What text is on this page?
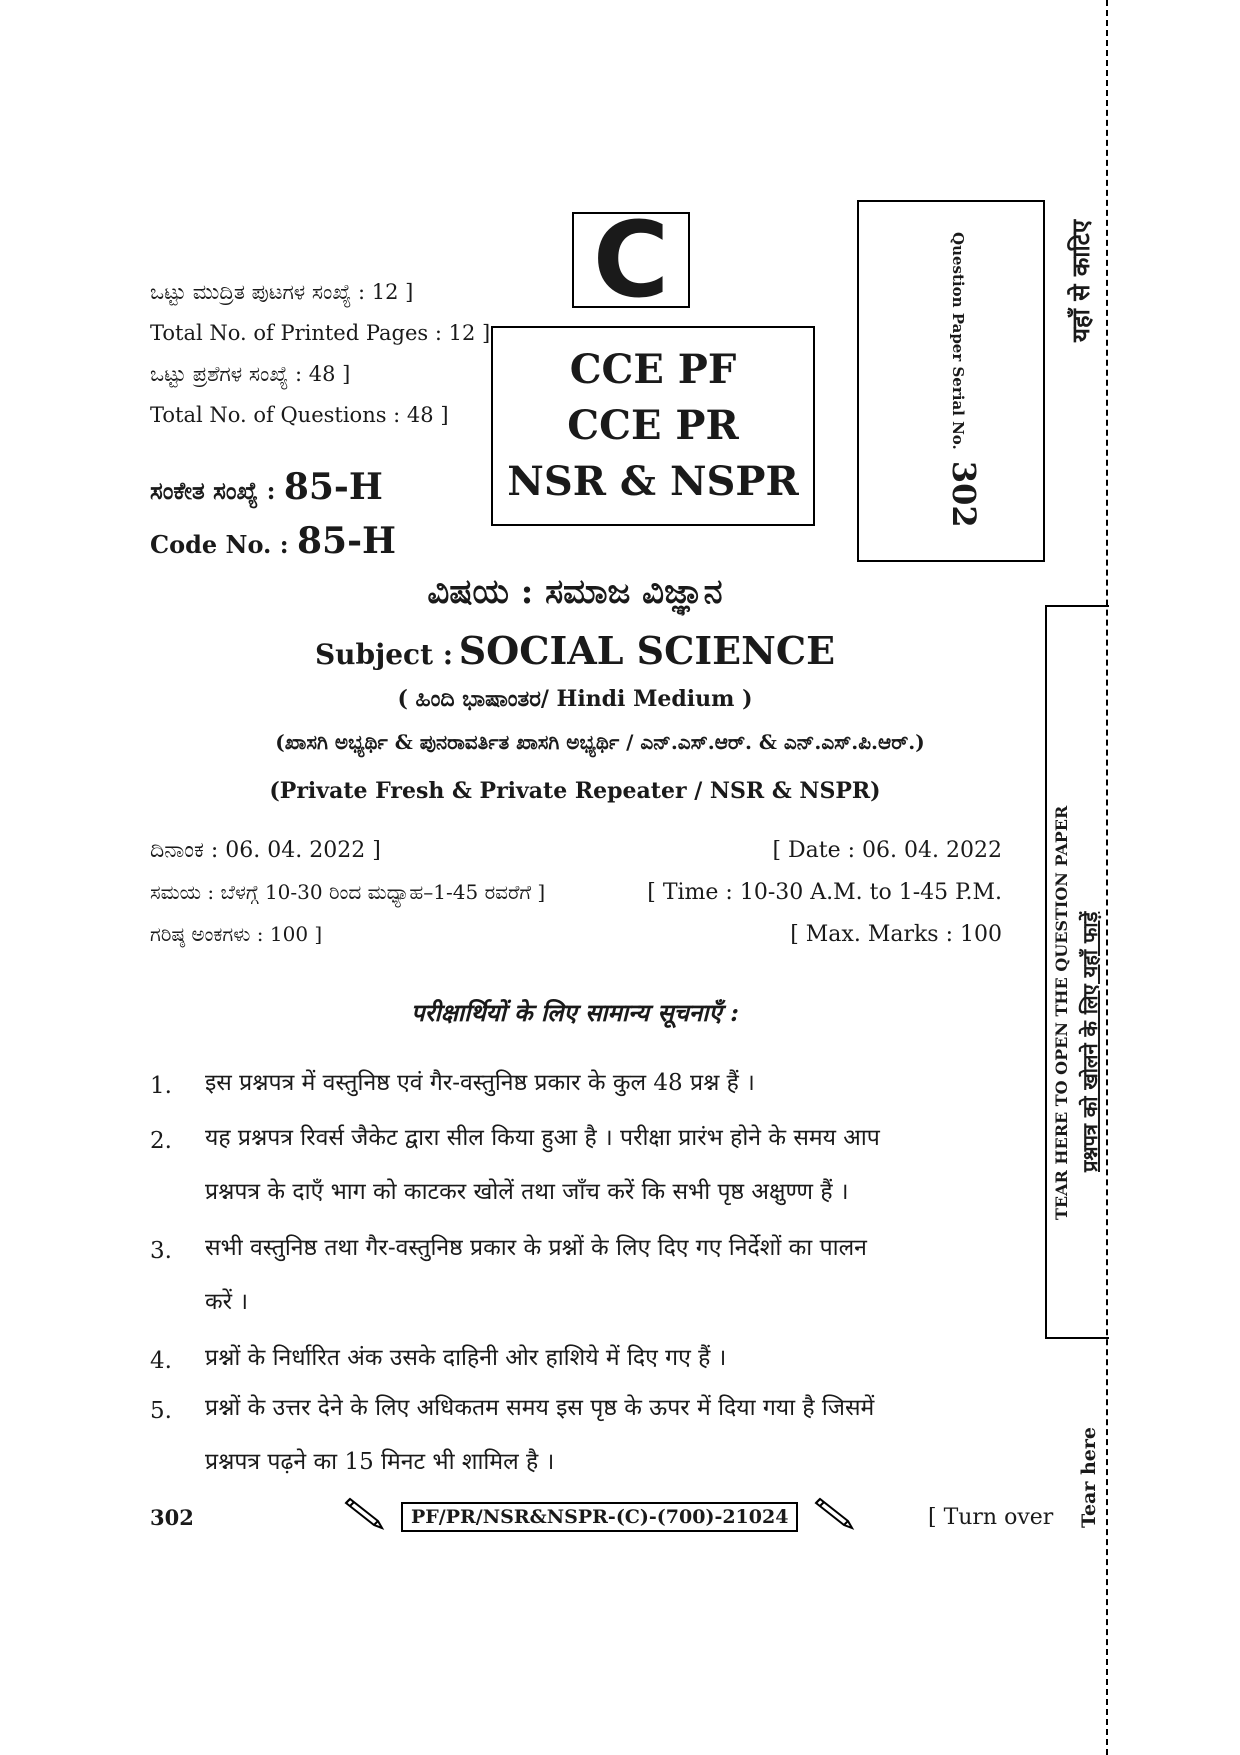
ಒಟ್ಟು ಮುದ್ರಿತ ಪುಟಗಳ ಸಂಖ್ಯೆ : 12 ]
Total No. of Printed Pages : 12 ]
ಒಟ್ಟು ಪ್ರಶೆಗಳ ಸಂಖ್ಯೆ : 48 ]
Total No. of Questions : 48 ]
ಸಂಕೇತ ಸಂಖ್ಯೆ : 85-H
Code No. : 85-H
C
CCE PF
CCE PR
NSR & NSPR
Question Paper Serial No. 302
यहाँ से काटिए
ವಿಷಯ : ಸಮಾಜ ವಿಜ್ಞಾನ
Subject : SOCIAL SCIENCE
( ಹಿಂದಿ ಭಾಷಾಂತರ/ Hindi Medium )
(ಖಾಸಗಿ ಅಭ್ಯರ್ಥಿ & ಪುನರಾವರ್ತಿತ ಖಾಸಗಿ ಅಭ್ಯರ್ಥಿ / ಎನ್.ಎಸ್.ಆರ್. & ಎನ್.ಎಸ್.ಪಿ.ಆರ್.)
(Private Fresh & Private Repeater / NSR & NSPR)
ದಿನಾಂಕ : 06. 04. 2022 ]	[ Date : 06. 04. 2022
ಸಮಯ : ಬೆಳಗ್ಗೆ 10-30 ರಿಂದ ಮಧ್ಯಾಹ–1-45 ರವರೆಗೆ ]	[ Time : 10-30 A.M. to 1-45 P.M.
ಗರಿಷ್ಠ ಅಂಕಗಳು : 100 ]	[ Max. Marks : 100
परीक्षार्थियों के लिए सामान्य सूचनाएँ :
1. इस प्रश्नपत्र में वस्तुनिष्ठ एवं गैर-वस्तुनिष्ठ प्रकार के कुल 48 प्रश्न हैं ।
2. यह प्रश्नपत्र रिवर्स जैकेट द्वारा सील किया हुआ है । परीक्षा प्रारंभ होने के समय आप
प्रश्नपत्र के दाएँ भाग को काटकर खोलें तथा जाँच करें कि सभी पृष्ठ अक्षुण्ण हैं ।
3. सभी वस्तुनिष्ठ तथा गैर-वस्तुनिष्ठ प्रकार के प्रश्नों के लिए दिए गए निर्देशों का पालन
करें ।
4. प्रश्नों के निर्धारित अंक उसके दाहिनी ओर हाशिये में दिए गए हैं ।
5. प्रश्नों के उत्तर देने के लिए अधिकतम समय इस पृष्ठ के ऊपर में दिया गया है जिसमें
प्रश्नपत्र पढ़ने का 15 मिनट भी शामिल है ।
TEAR HERE TO OPEN THE QUESTION PAPER प्रश्नपत्र को खोलने के लिए यहाँ फाड़ें
Tear here
302	PF/PR/NSR&NSPR-(C)-(700)-21024	[ Turn over
